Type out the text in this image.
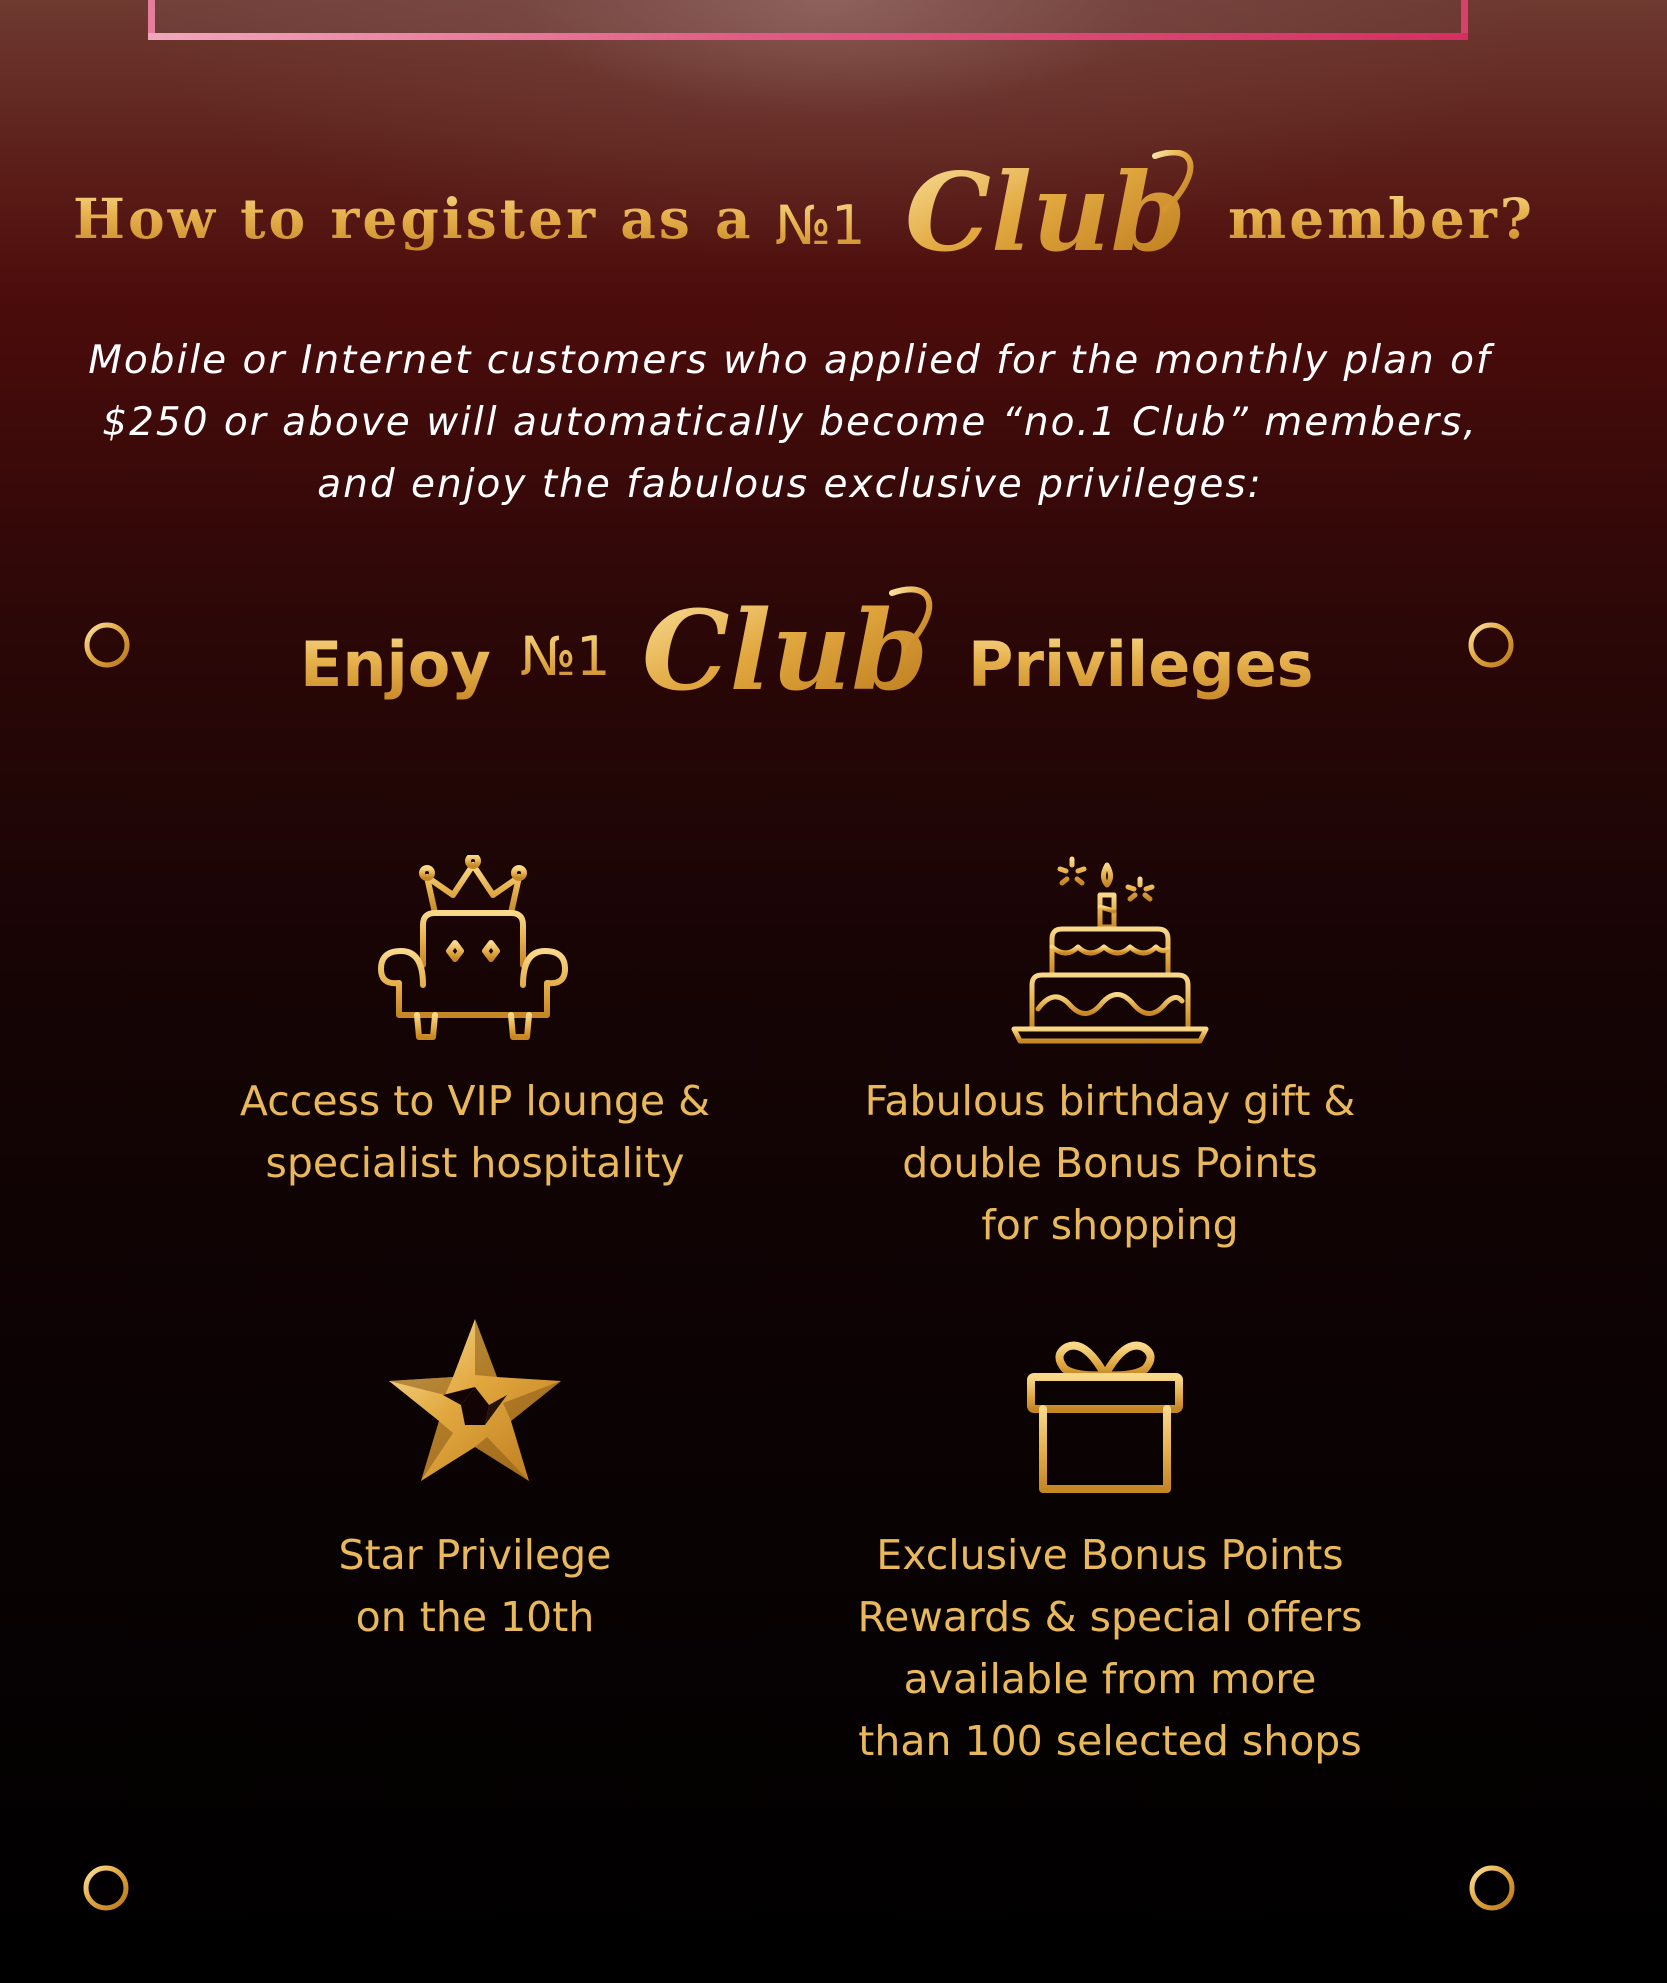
How to register as a №1 Club member?
Mobile or Internet customers who applied for the monthly plan of
$250 or above will automatically become “no.1 Club” members,
and enjoy the fabulous exclusive privileges:
Enjoy №1 Club Privileges
Access to VIP lounge &
specialist hospitality
Fabulous birthday gift &
double Bonus Points
for shopping
Star Privilege
on the 10th
Exclusive Bonus Points
Rewards & special offers
available from more
than 100 selected shops
